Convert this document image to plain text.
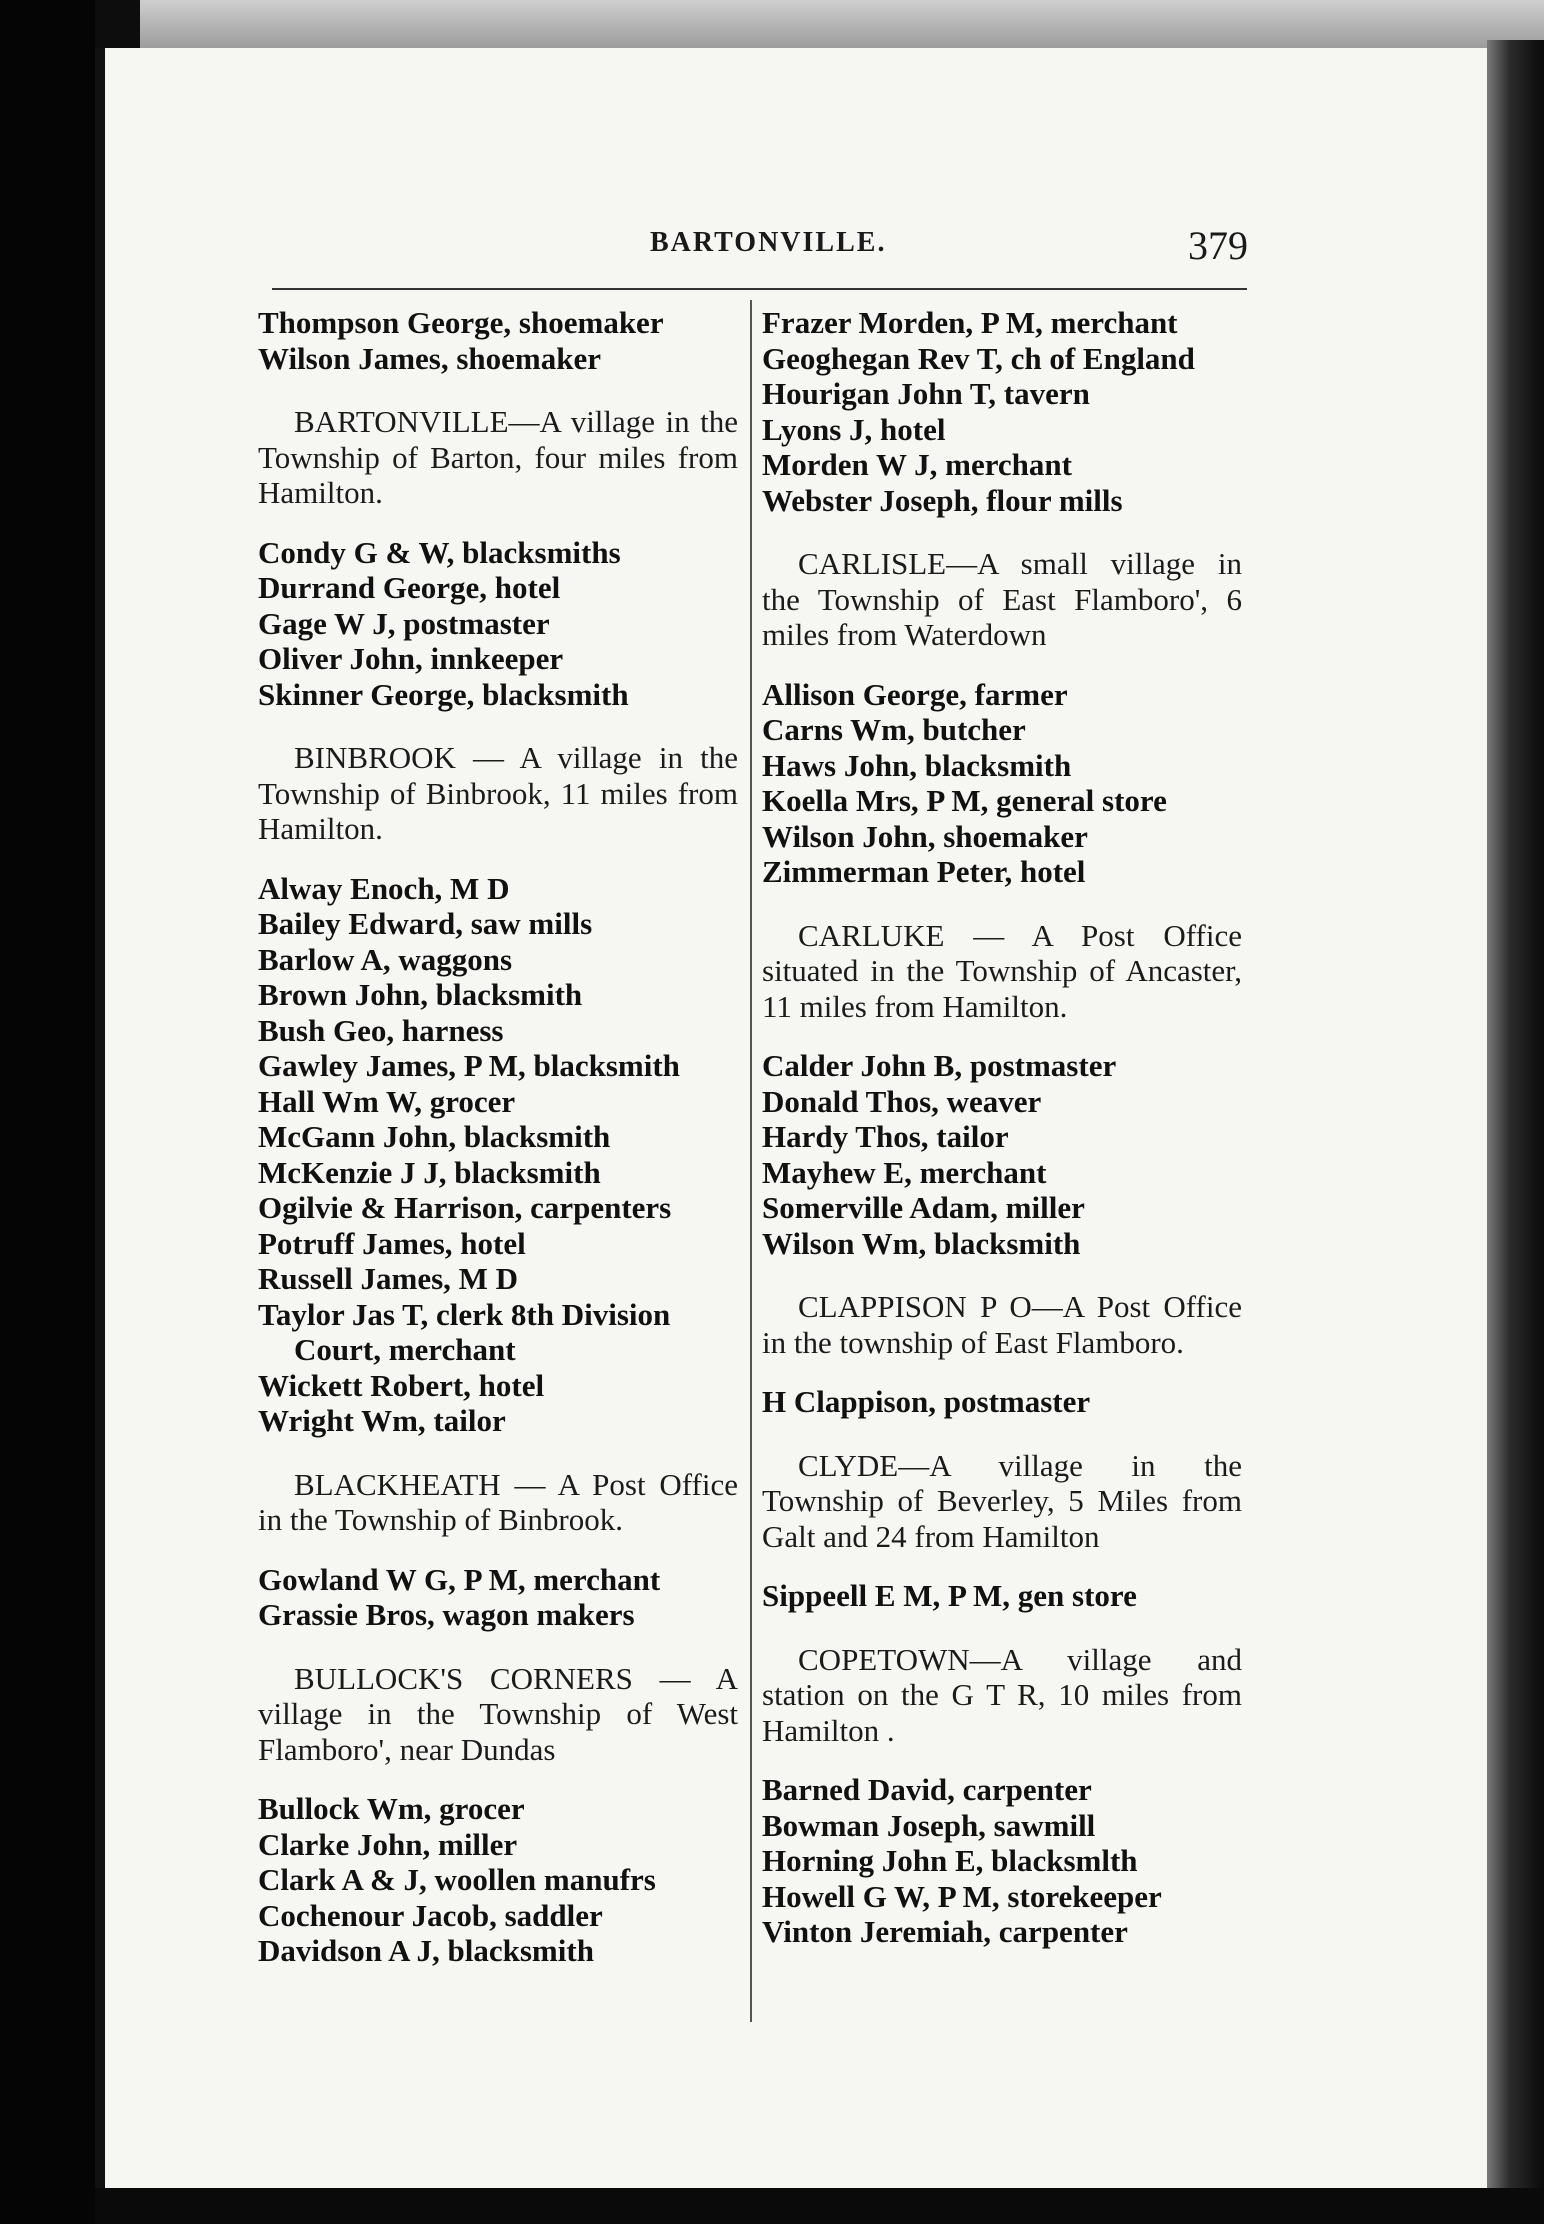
BARTONVILLE.	379
Thompson George, shoemaker
Wilson James, shoemaker
BARTONVILLE—A village in the Township of Barton, four miles from Hamilton.
Condy G & W, blacksmiths
Durrand George, hotel
Gage W J, postmaster
Oliver John, innkeeper
Skinner George, blacksmith
BINBROOK — A village in the Township of Binbrook, 11 miles from Hamilton.
Alway Enoch, M D
Bailey Edward, saw mills
Barlow A, waggons
Brown John, blacksmith
Bush Geo, harness
Gawley James, P M, blacksmith
Hall Wm W, grocer
McGann John, blacksmith
McKenzie J J, blacksmith
Ogilvie & Harrison, carpenters
Potruff James, hotel
Russell James, M D
Taylor Jas T, clerk 8th Division Court, merchant
Wickett Robert, hotel
Wright Wm, tailor
BLACKHEATH — A Post Office in the Township of Binbrook.
Gowland W G, P M, merchant
Grassie Bros, wagon makers
BULLOCK'S CORNERS — A village in the Township of West Flamboro', near Dundas
Bullock Wm, grocer
Clarke John, miller
Clark A & J, woollen manufrs
Cochenour Jacob, saddler
Davidson A J, blacksmith
Frazer Morden, P M, merchant
Geoghegan Rev T, ch of England
Hourigan John T, tavern
Lyons J, hotel
Morden W J, merchant
Webster Joseph, flour mills
CARLISLE—A small village in the Township of East Flamboro', 6 miles from Waterdown
Allison George, farmer
Carns Wm, butcher
Haws John, blacksmith
Koella Mrs, P M, general store
Wilson John, shoemaker
Zimmerman Peter, hotel
CARLUKE — A Post Office situated in the Township of Ancaster, 11 miles from Hamilton.
Calder John B, postmaster
Donald Thos, weaver
Hardy Thos, tailor
Mayhew E, merchant
Somerville Adam, miller
Wilson Wm, blacksmith
CLAPPISON P O—A Post Office in the township of East Flamboro.
H Clappison, postmaster
CLYDE—A village in the Township of Beverley, 5 Miles from Galt and 24 from Hamilton
Sippeell E M, P M, gen store
COPETOWN—A village and station on the G T R, 10 miles from Hamilton .
Barned David, carpenter
Bowman Joseph, sawmill
Horning John E, blacksmlth
Howell G W, P M, storekeeper
Vinton Jeremiah, carpenter
